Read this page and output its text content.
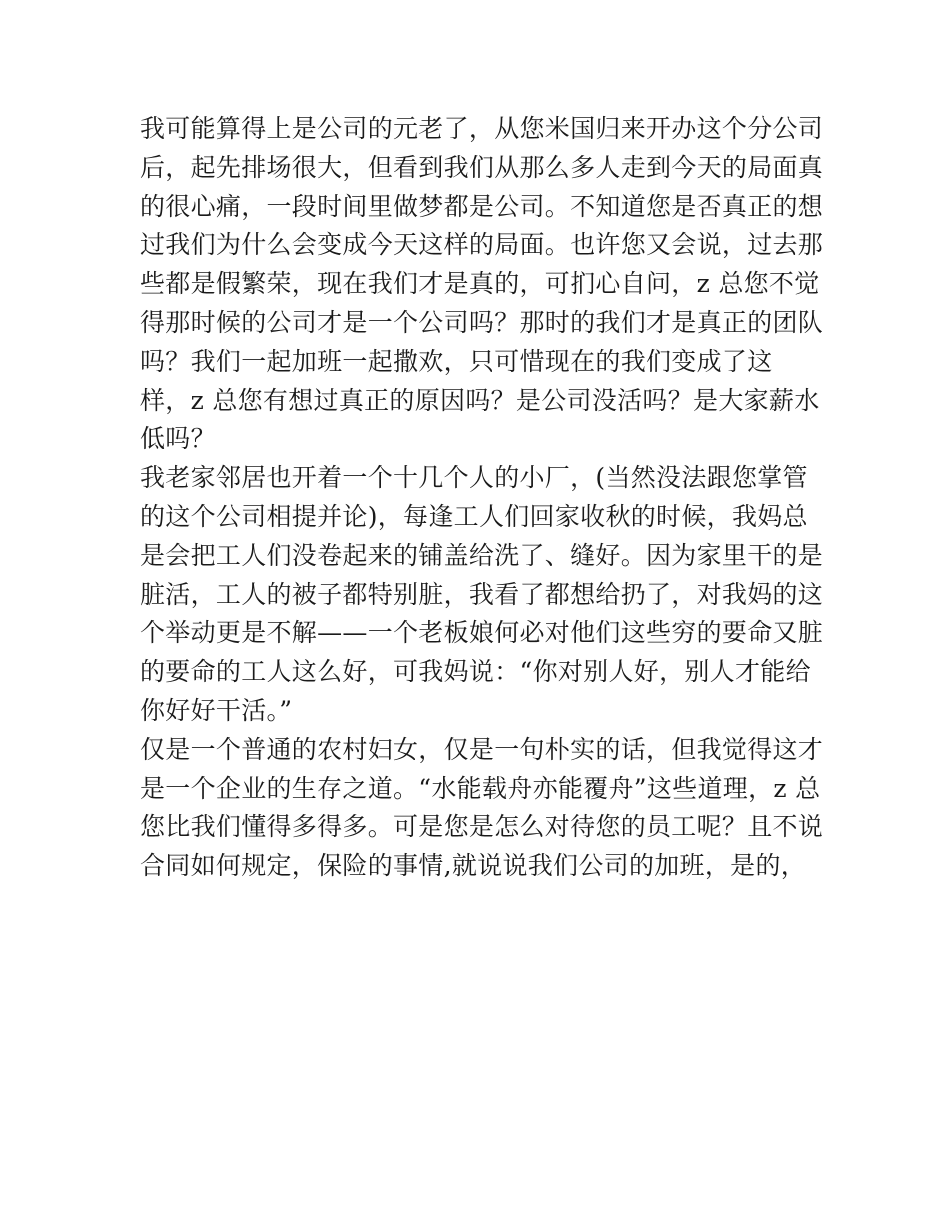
我可能算得上是公司的元老了，从您米国归来开办这个分公司
后，起先排场很大，但看到我们从那么多人走到今天的局面真
的很心痛，一段时间里做梦都是公司。不知道您是否真正的想
过我们为什么会变成今天这样的局面。也许您又会说，过去那
些都是假繁荣，现在我们才是真的，可扪心自问，z 总您不觉
得那时候的公司才是一个公司吗？那时的我们才是真正的团队
吗？我们一起加班一起撒欢，只可惜现在的我们变成了这
样，z 总您有想过真正的原因吗？是公司没活吗？是大家薪水
低吗？
我老家邻居也开着一个十几个人的小厂，(当然没法跟您掌管
的这个公司相提并论)，每逢工人们回家收秋的时候，我妈总
是会把工人们没卷起来的铺盖给洗了、缝好。因为家里干的是
脏活，工人的被子都特别脏，我看了都想给扔了，对我妈的这
个举动更是不解——一个老板娘何必对他们这些穷的要命又脏
的要命的工人这么好，可我妈说：“你对别人好，别人才能给
你好好干活。”
仅是一个普通的农村妇女，仅是一句朴实的话，但我觉得这才
是一个企业的生存之道。“水能载舟亦能覆舟”这些道理，z 总
您比我们懂得多得多。可是您是怎么对待您的员工呢？且不说
合同如何规定，保险的事情,就说说我们公司的加班，是的，
